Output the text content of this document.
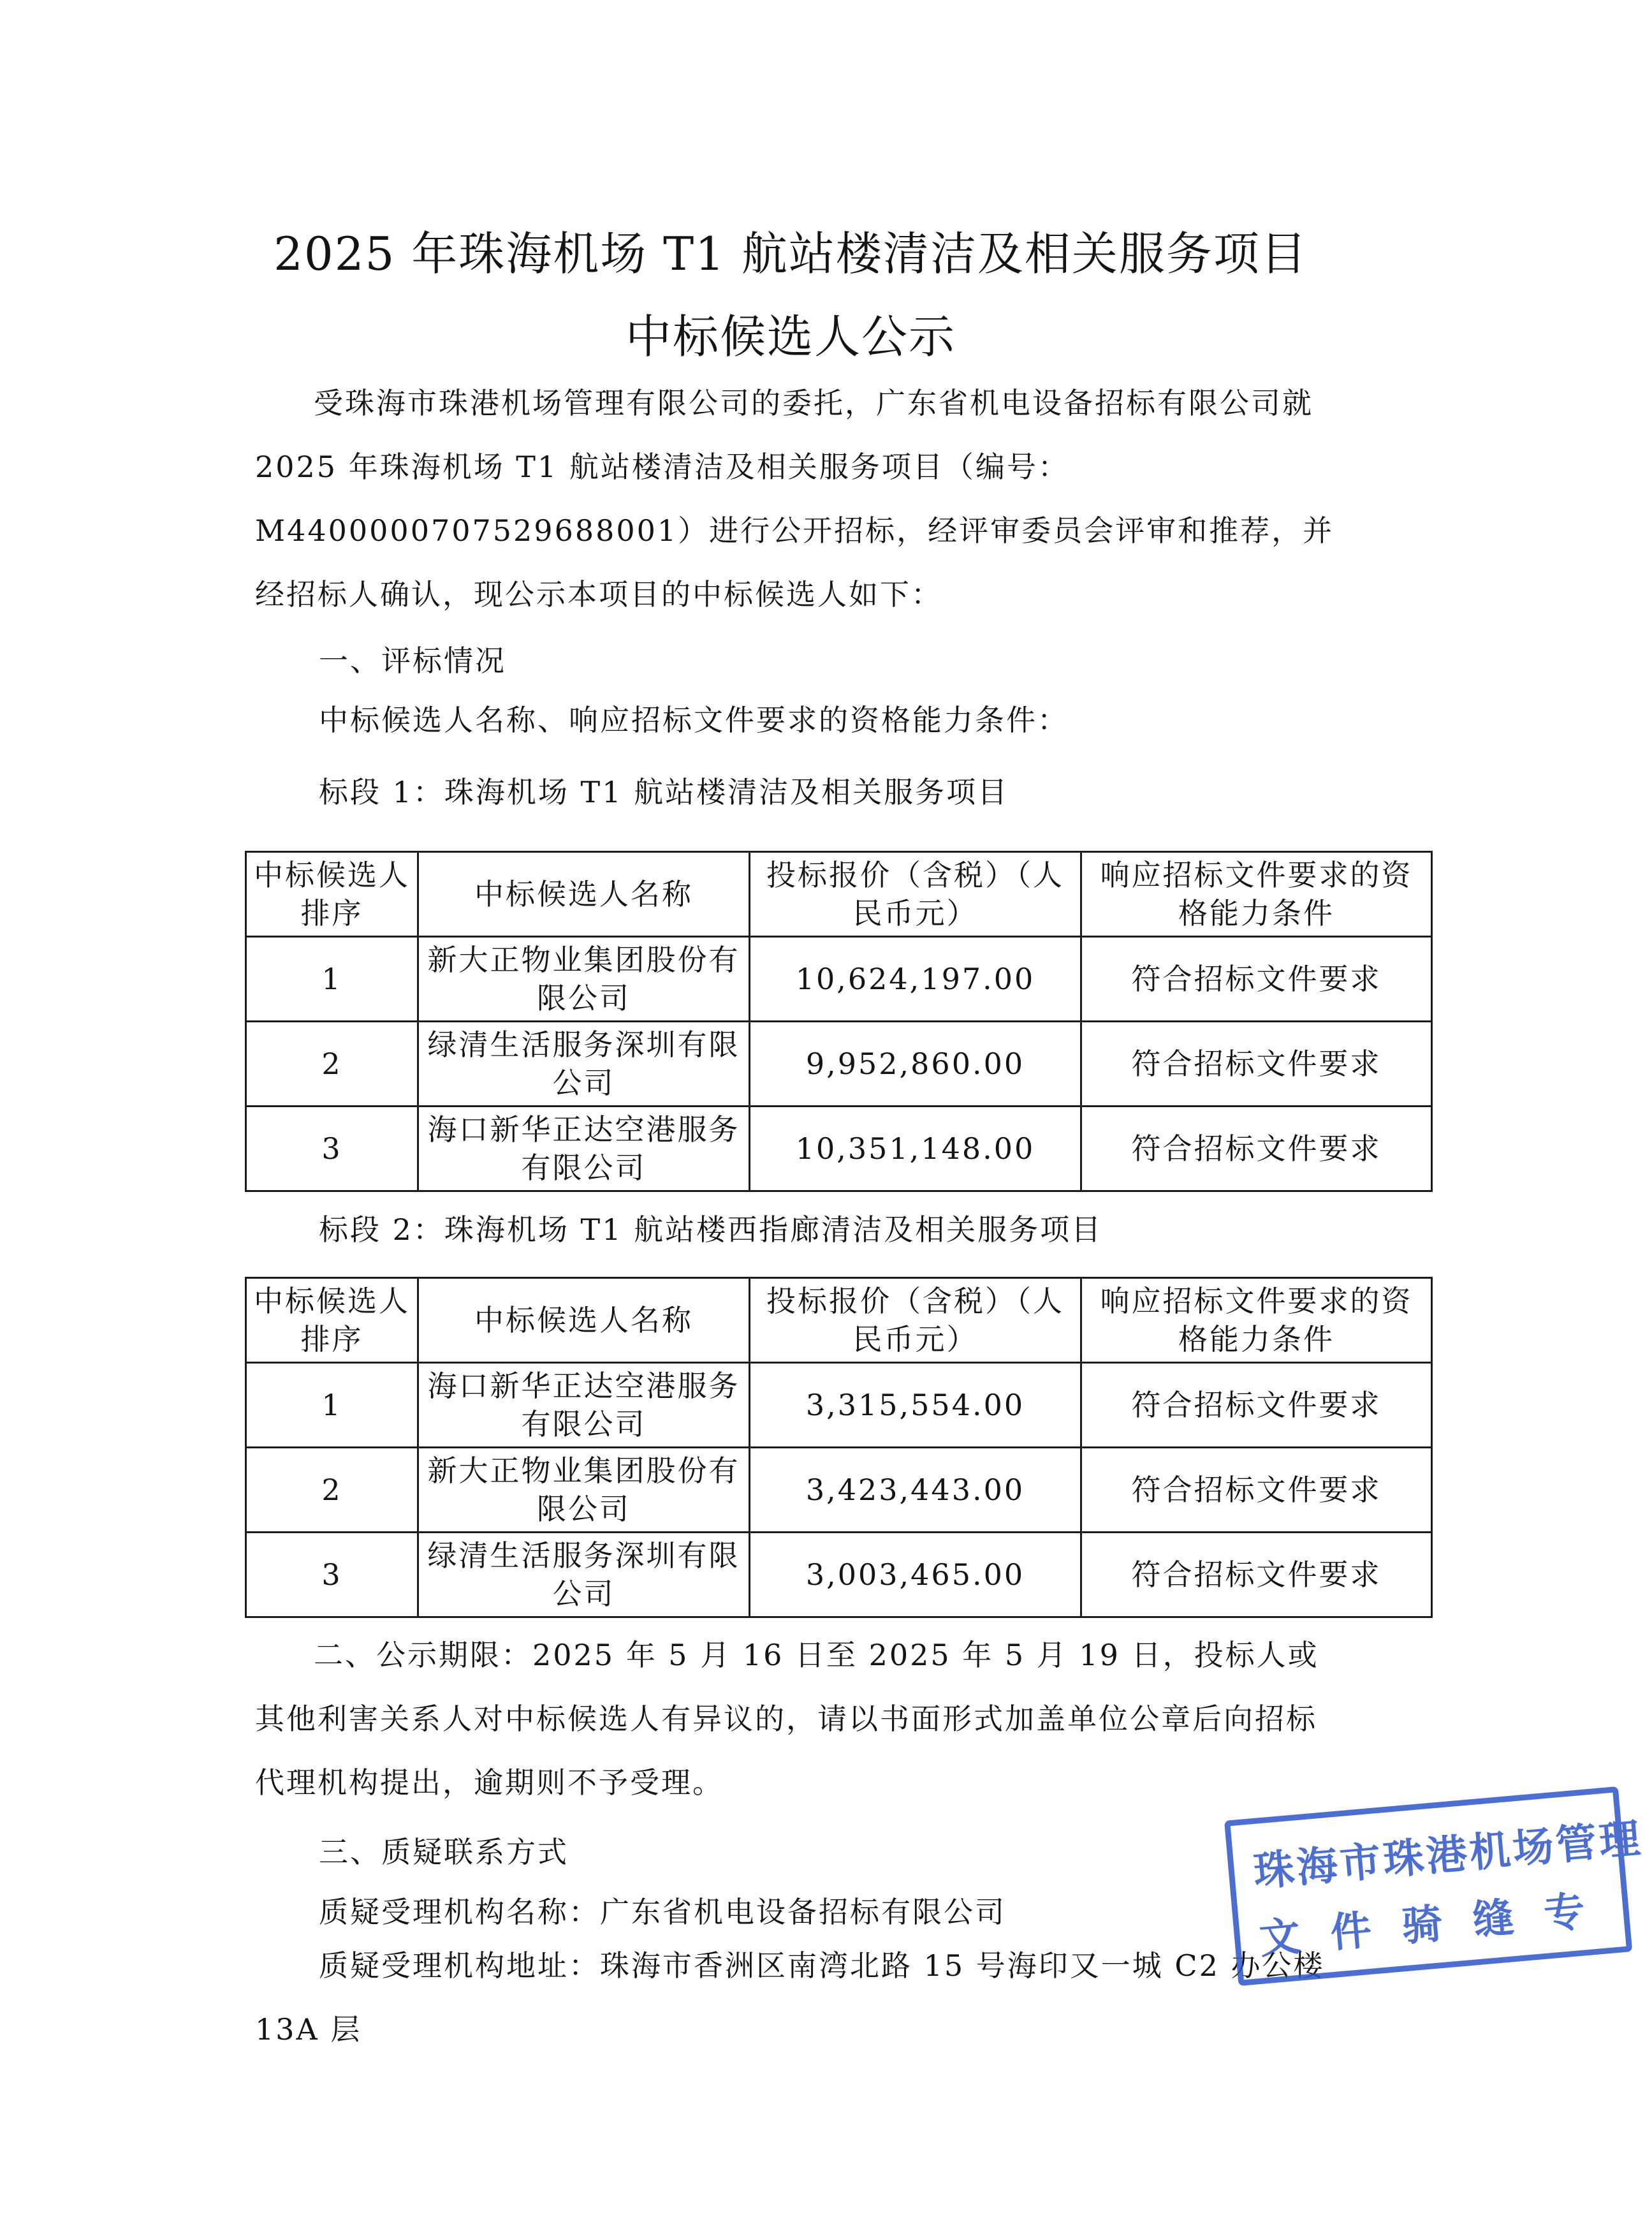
2025 年珠海机场 T1 航站楼清洁及相关服务项目
中标候选人公示

受珠海市珠港机场管理有限公司的委托，广东省机电设备招标有限公司就2025 年珠海机场 T1 航站楼清洁及相关服务项目（编号：M4400000707529688001）进行公开招标，经评审委员会评审和推荐，并经招标人确认，现公示本项目的中标候选人如下：

一、评标情况

中标候选人名称、响应招标文件要求的资格能力条件：

标段 1：珠海机场 T1 航站楼清洁及相关服务项目

中标候选人排序	中标候选人名称	投标报价（含税）（人民币元）	响应招标文件要求的资格能力条件
1	新大正物业集团股份有限公司	10,624,197.00	符合招标文件要求
2	绿清生活服务深圳有限公司	9,952,860.00	符合招标文件要求
3	海口新华正达空港服务有限公司	10,351,148.00	符合招标文件要求

标段 2：珠海机场 T1 航站楼西指廊清洁及相关服务项目

中标候选人排序	中标候选人名称	投标报价（含税）（人民币元）	响应招标文件要求的资格能力条件
1	海口新华正达空港服务有限公司	3,315,554.00	符合招标文件要求
2	新大正物业集团股份有限公司	3,423,443.00	符合招标文件要求
3	绿清生活服务深圳有限公司	3,003,465.00	符合招标文件要求

二、公示期限：2025 年 5 月 16 日至 2025 年 5 月 19 日，投标人或其他利害关系人对中标候选人有异议的，请以书面形式加盖单位公章后向招标代理机构提出，逾期则不予受理。

三、质疑联系方式

质疑受理机构名称：广东省机电设备招标有限公司

质疑受理机构地址：珠海市香洲区南湾北路 15 号海印又一城 C2 办公楼13A 层

珠海市珠港机场管理
文件骑缝专
